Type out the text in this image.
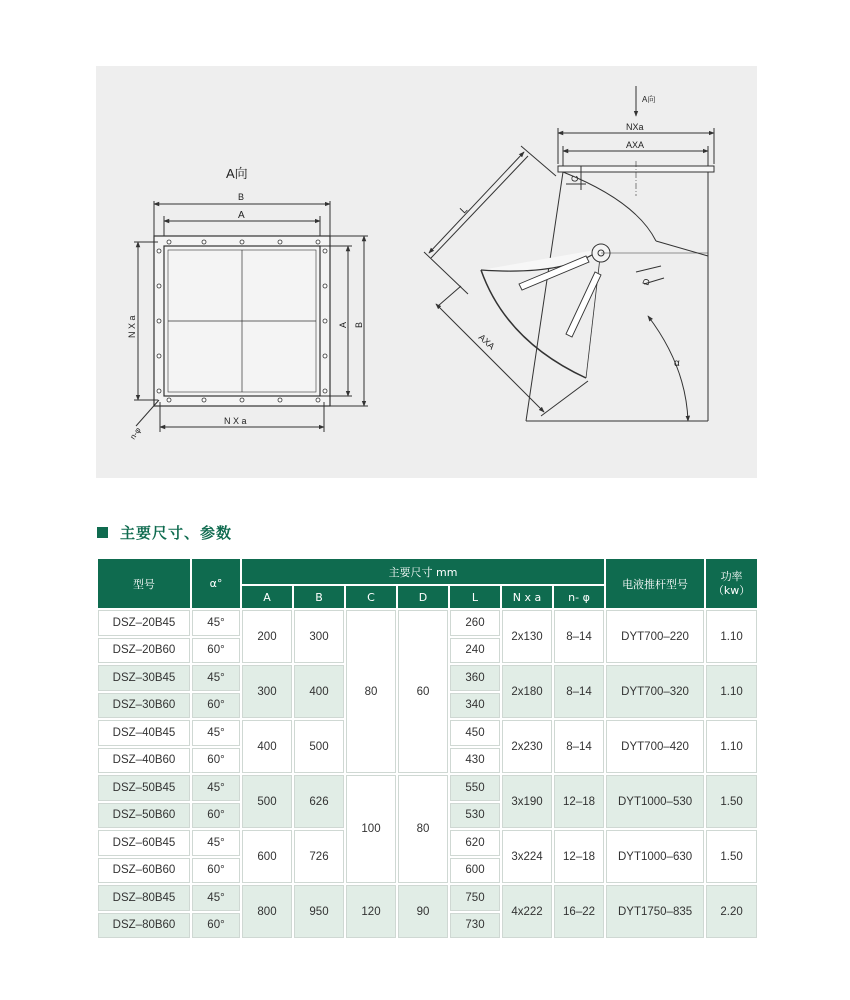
A向
B
A
N X a	A B
N X a
n-φ
A向
NXa
AXA
C
L
D
AXA
α
主要尺寸、参数
型号	α°	主要尺寸 mm							电液推杆型号	功率
（kw）
		A	B	C	D	L	N x a	n- φ		
DSZ–20B45	45°	200	300	80	60	260	2x130	8–14	DYT700–220	1.10
DSZ–20B60	60°					240				
DSZ–30B45	45°	300	400			360	2x180	8–14	DYT700–320	1.10
DSZ–30B60	60°					340				
DSZ–40B45	45°	400	500			450	2x230	8–14	DYT700–420	1.10
DSZ–40B60	60°					430				
DSZ–50B45	45°	500	626	100	80	550	3x190	12–18	DYT1000–530	1.50
DSZ–50B60	60°					530				
DSZ–60B45	45°	600	726			620	3x224	12–18	DYT1000–630	1.50
DSZ–60B60	60°					600				
DSZ–80B45	45°	800	950	120	90	750	4x222	16–22	DYT1750–835	2.20
DSZ–80B60	60°					730				
